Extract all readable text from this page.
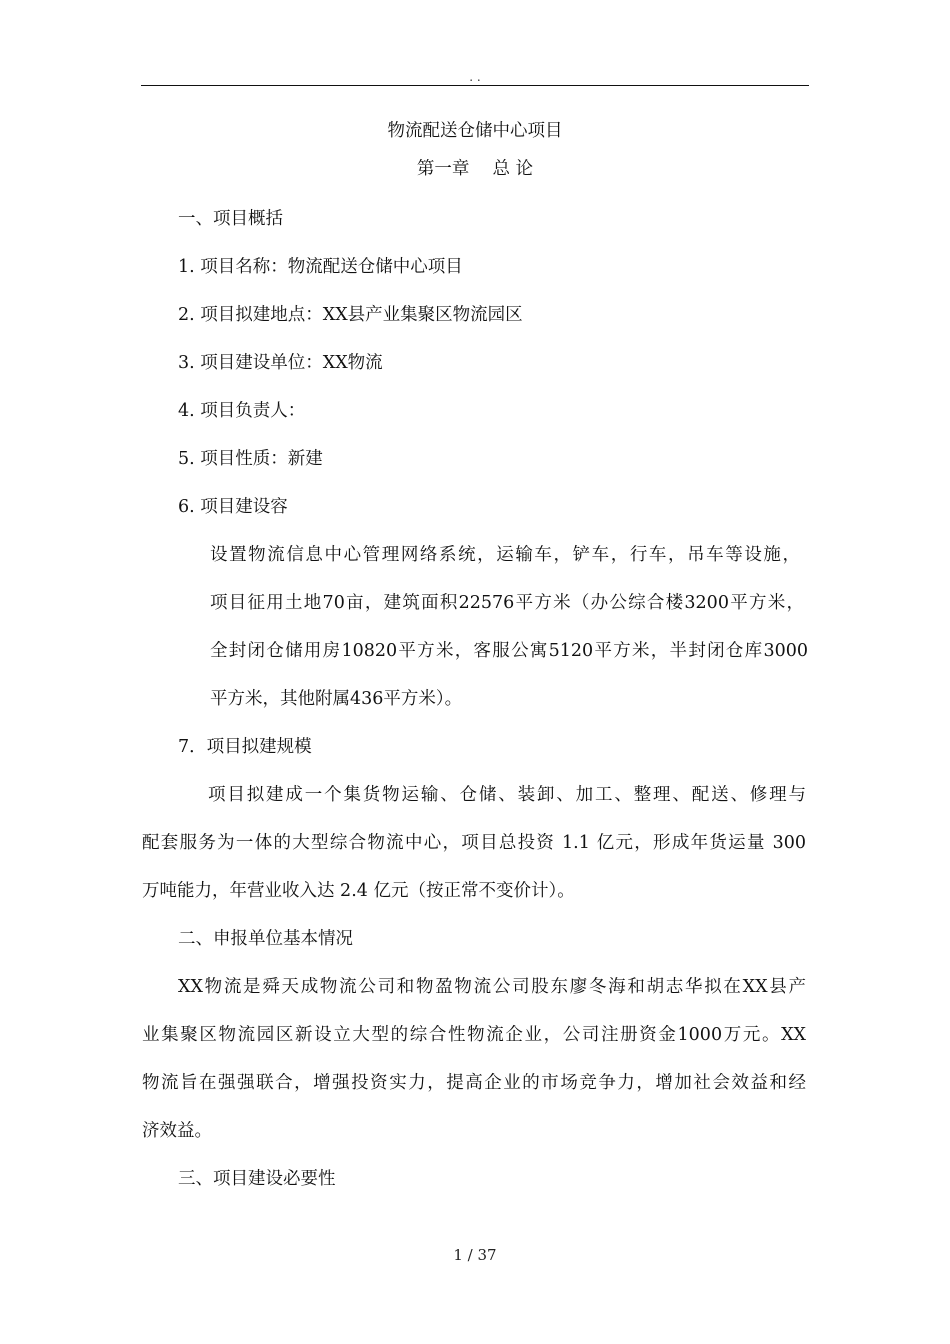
. .
物流配送仓储中心项目
第一章　 总 论
一、项目概括
1. 项目名称：物流配送仓储中心项目
2. 项目拟建地点：XX县产业集聚区物流园区
3. 项目建设单位：XX物流
4. 项目负责人：
5. 项目性质：新建
6. 项目建设容
设置物流信息中心管理网络系统，运输车，铲车，行车，吊车等设施，
项目征用土地70亩，建筑面积22576平方米（办公综合楼3200平方米，
全封闭仓储用房10820平方米，客服公寓5120平方米，半封闭仓库3000
平方米，其他附属436平方米）。
7．项目拟建规模
项目拟建成一个集货物运输、仓储、装卸、加工、整理、配送、修理与
配套服务为一体的大型综合物流中心，项目总投资 1.1 亿元，形成年货运量 300
万吨能力，年营业收入达 2.4 亿元（按正常不变价计）。
二、申报单位基本情况
XX物流是舜天成物流公司和物盈物流公司股东廖冬海和胡志华拟在XX县产
业集聚区物流园区新设立大型的综合性物流企业，公司注册资金1000万元。XX
物流旨在强强联合，增强投资实力，提高企业的市场竞争力，增加社会效益和经
济效益。
三、项目建设必要性
1 / 37
